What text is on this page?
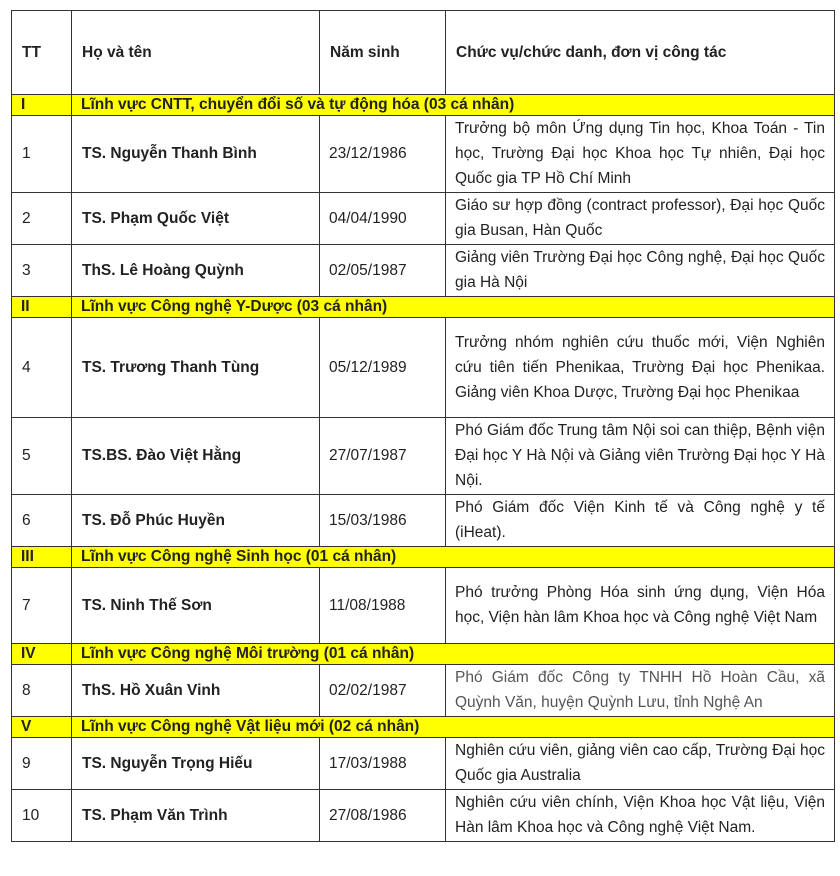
TT	Họ và tên	Năm sinh	Chức vụ/chức danh, đơn vị công tác
I	Lĩnh vực CNTT, chuyển đổi số và tự động hóa (03 cá nhân)		
1	TS. Nguyễn Thanh Bình	23/12/1986	Trưởng bộ môn Ứng dụng Tin học, Khoa Toán - Tin học, Trường Đại học Khoa học Tự nhiên, Đại học Quốc gia TP Hồ Chí Minh
2	TS. Phạm Quốc Việt	04/04/1990	Giáo sư hợp đồng (contract professor), Đại học Quốc gia Busan, Hàn Quốc
3	ThS. Lê Hoàng Quỳnh	02/05/1987	Giảng viên Trường Đại học Công nghệ, Đại học Quốc gia Hà Nội
II	Lĩnh vực Công nghệ Y-Dược (03 cá nhân)		
4	TS. Trương Thanh Tùng	05/12/1989	Trưởng nhóm nghiên cứu thuốc mới, Viện Nghiên cứu tiên tiến Phenikaa, Trường Đại học Phenikaa. Giảng viên Khoa Dược, Trường Đại học Phenikaa
5	TS.BS. Đào Việt Hằng	27/07/1987	Phó Giám đốc Trung tâm Nội soi can thiệp, Bệnh viện Đại học Y Hà Nội và Giảng viên Trường Đại học Y Hà Nội.
6	TS. Đỗ Phúc Huyền	15/03/1986	Phó Giám đốc Viện Kinh tế và Công nghệ y tế (iHeat).
III	Lĩnh vực Công nghệ Sinh học (01 cá nhân)		
7	TS. Ninh Thế Sơn	11/08/1988	Phó trưởng Phòng Hóa sinh ứng dụng, Viện Hóa học, Viện hàn lâm Khoa học và Công nghệ Việt Nam
IV	Lĩnh vực Công nghệ Môi trường (01 cá nhân)		
8	ThS. Hồ Xuân Vinh	02/02/1987	Phó Giám đốc Công ty TNHH Hồ Hoàn Cầu, xã Quỳnh Văn, huyện Quỳnh Lưu, tỉnh Nghệ An
V	Lĩnh vực Công nghệ Vật liệu mới (02 cá nhân)		
9	TS. Nguyễn Trọng Hiếu	17/03/1988	Nghiên cứu viên, giảng viên cao cấp, Trường Đại học Quốc gia Australia
10	TS. Phạm Văn Trình	27/08/1986	Nghiên cứu viên chính, Viện Khoa học Vật liệu, Viện Hàn lâm Khoa học và Công nghệ Việt Nam.
